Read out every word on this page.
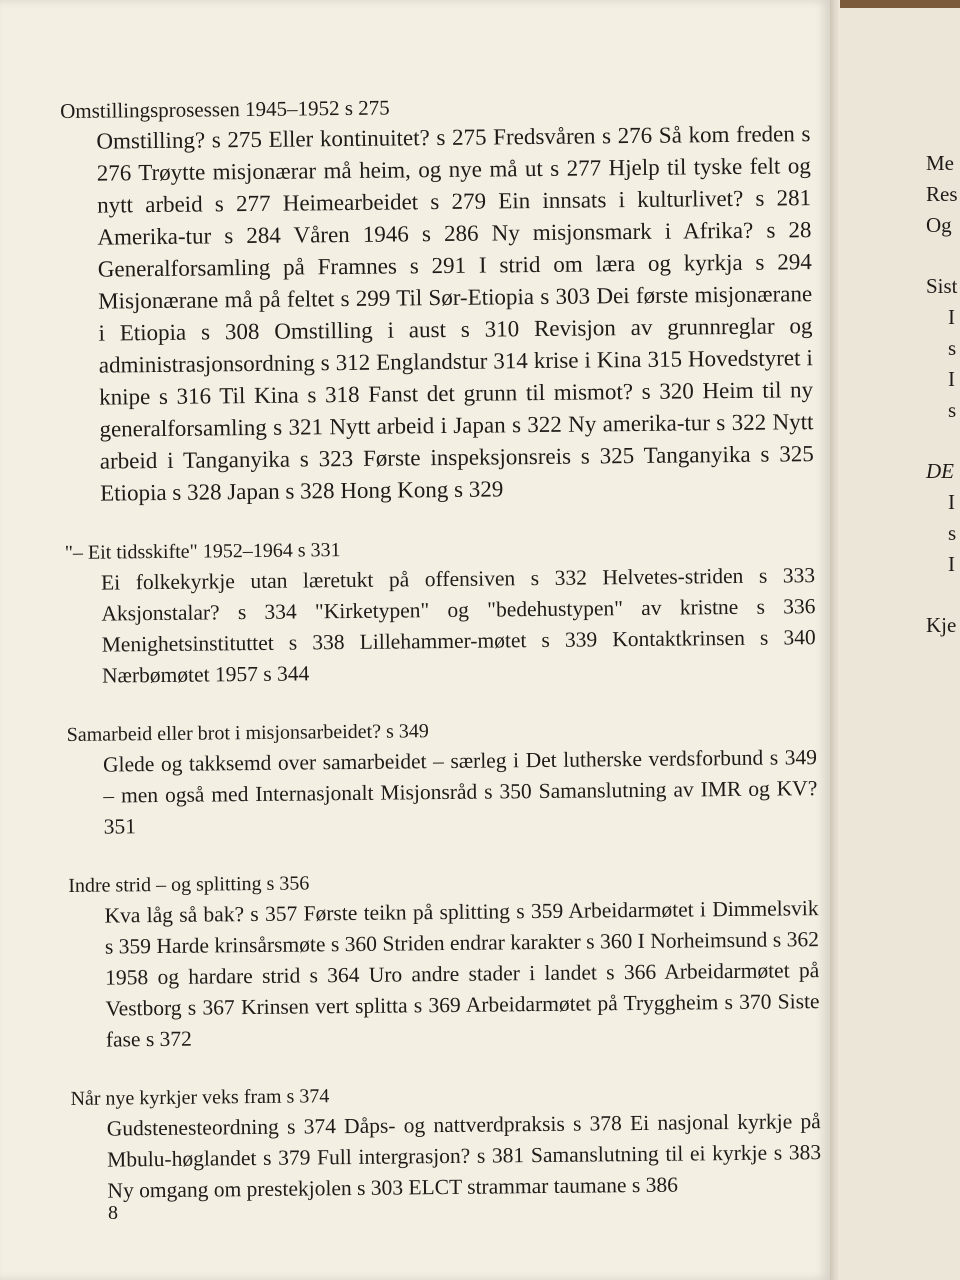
Me
Res
Og
Sist
I
s
I
s
DE
I
s
I
Kje

Omstillingsprosessen 1945–1952 s 275

Omstilling? s 275 Eller kontinuitet? s 275 Fredsvåren s 276 Så kom freden s 276 Trøytte misjonærar må heim, og nye må ut s 277 Hjelp til tyske felt og nytt arbeid s 277 Heimearbeidet s 279 Ein innsats i kulturlivet? s 281 Amerika-tur s 284 Våren 1946 s 286 Ny misjonsmark i Afrika? s 28 Generalforsamling på Framnes s 291 I strid om læra og kyrkja s 294 Misjonærane må på feltet s 299 Til Sør-Etiopia s 303 Dei første misjonærane i Etiopia s 308 Omstilling i aust s 310 Revisjon av grunnreglar og administrasjonsordning s 312 Englandstur 314 krise i Kina 315 Hovedstyret i knipe s 316 Til Kina s 318 Fanst det grunn til mismot? s 320 Heim til ny generalforsamling s 321 Nytt arbeid i Japan s 322 Ny amerika-tur s 322 Nytt arbeid i Tanganyika s 323 Første inspeksjonsreis s 325 Tanganyika s 325 Etiopia s 328 Japan s 328 Hong Kong s 329

"– Eit tidsskifte" 1952–1964 s 331

Ei folkekyrkje utan læretukt på offensiven s 332 Helvetes-striden s 333 Aksjonstalar? s 334 "Kirketypen" og "bedehustypen" av kristne s 336 Menighetsinstituttet s 338 Lillehammer-møtet s 339 Kontaktkrinsen s 340 Nærbømøtet 1957 s 344

Samarbeid eller brot i misjonsarbeidet? s 349

Glede og takksemd over samarbeidet – særleg i Det lutherske verdsforbund s 349 – men også med Internasjonalt Misjonsråd s 350 Samanslutning av IMR og KV? 351

Indre strid – og splitting s 356

Kva låg så bak? s 357 Første teikn på splitting s 359 Arbeidarmøtet i Dimmelsvik s 359 Harde krinsårsmøte s 360 Striden endrar karakter s 360 I Norheimsund s 362 1958 og hardare strid s 364 Uro andre stader i landet s 366 Arbeidarmøtet på Vestborg s 367 Krinsen vert splitta s 369 Arbeidarmøtet på Tryggheim s 370 Siste fase s 372

Når nye kyrkjer veks fram s 374

Gudstenesteordning s 374 Dåps- og nattverdpraksis s 378 Ei nasjonal kyrkje på Mbulu-høglandet s 379 Full intergrasjon? s 381 Samanslutning til ei kyrkje s 383 Ny omgang om prestekjolen s 303 ELCT strammar taumane s 386

8
